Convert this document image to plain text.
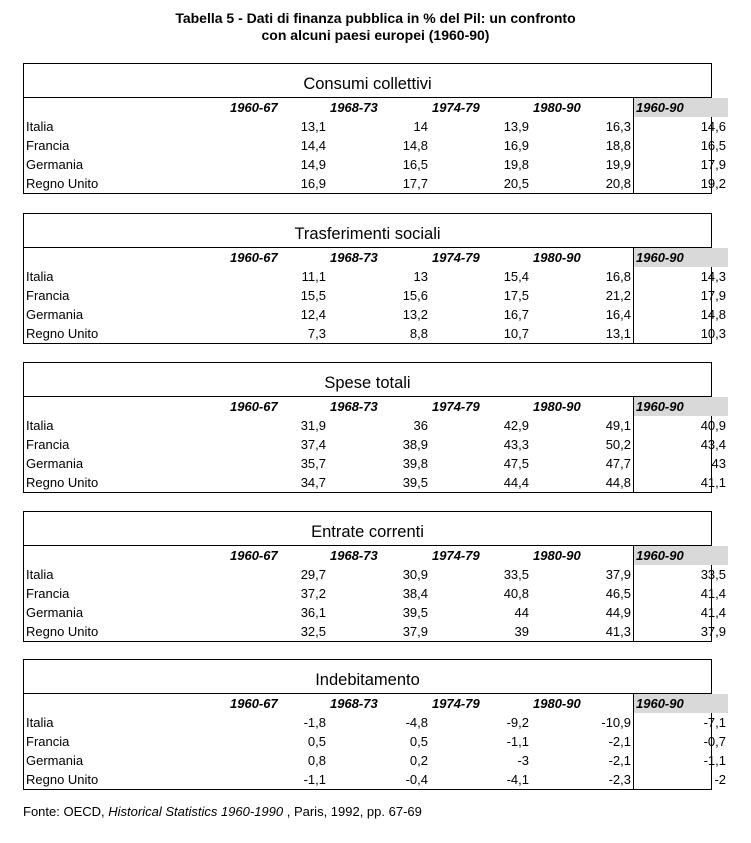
Tabella 5 - Dati di finanza pubblica in % del Pil: un confronto
con alcuni paesi europei (1960-90)
Consumi collettivi
	1960-67	1968-73	1974-79	1980-90	1960-90
Italia	13,1	14	13,9	16,3	14,6
Francia	14,4	14,8	16,9	18,8	16,5
Germania	14,9	16,5	19,8	19,9	17,9
Regno Unito	16,9	17,7	20,5	20,8	19,2
Trasferimenti sociali
	1960-67	1968-73	1974-79	1980-90	1960-90
Italia	11,1	13	15,4	16,8	14,3
Francia	15,5	15,6	17,5	21,2	17,9
Germania	12,4	13,2	16,7	16,4	14,8
Regno Unito	7,3	8,8	10,7	13,1	10,3
Spese totali
	1960-67	1968-73	1974-79	1980-90	1960-90
Italia	31,9	36	42,9	49,1	40,9
Francia	37,4	38,9	43,3	50,2	43,4
Germania	35,7	39,8	47,5	47,7	43
Regno Unito	34,7	39,5	44,4	44,8	41,1
Entrate correnti
	1960-67	1968-73	1974-79	1980-90	1960-90
Italia	29,7	30,9	33,5	37,9	33,5
Francia	37,2	38,4	40,8	46,5	41,4
Germania	36,1	39,5	44	44,9	41,4
Regno Unito	32,5	37,9	39	41,3	37,9
Indebitamento
	1960-67	1968-73	1974-79	1980-90	1960-90
Italia	-1,8	-4,8	-9,2	-10,9	-7,1
Francia	0,5	0,5	-1,1	-2,1	-0,7
Germania	0,8	0,2	-3	-2,1	-1,1
Regno Unito	-1,1	-0,4	-4,1	-2,3	-2
Fonte: OECD, Historical Statistics 1960-1990 , Paris, 1992, pp. 67-69
